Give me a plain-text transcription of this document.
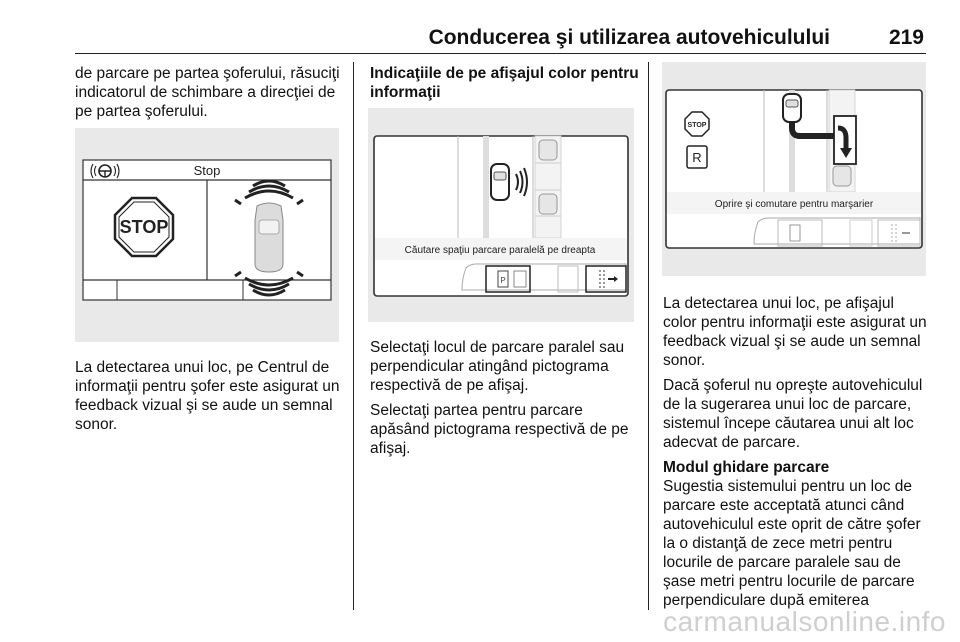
Conducerea şi utilizarea autovehiculului	219
de parcare pe partea şoferului, răsuciţi indicatorul de schimbare a direcţiei de pe partea şoferului.
Stop
STOP
La detectarea unui loc, pe Centrul de informaţii pentru şofer este asigurat un feedback vizual şi se aude un semnal sonor.
Indicaţiile de pe afişajul color pentru informaţii
Căutare spaţiu parcare paralelă pe dreapta
P

Selectaţi locul de parcare paralel sau perpendicular atingând pictograma respectivă de pe afişaj.

Selectaţi partea pentru parcare apăsând pictograma respectivă de pe afişaj.

STOP
R
Oprire şi comutare pentru marşarier

La detectarea unui loc, pe afişajul color pentru informaţii este asigurat un feedback vizual şi se aude un semnal sonor.

Dacă şoferul nu opreşte autovehiculul de la sugerarea unui loc de parcare, sistemul începe căutarea unui alt loc adecvat de parcare.

Modul ghidare parcare
Sugestia sistemului pentru un loc de parcare este acceptată atunci când autovehiculul este oprit de către şofer la o distanţă de zece metri pentru locurile de parcare paralele sau de şase metri pentru locurile de parcare perpendiculare după emiterea
carmanualsonline.info
